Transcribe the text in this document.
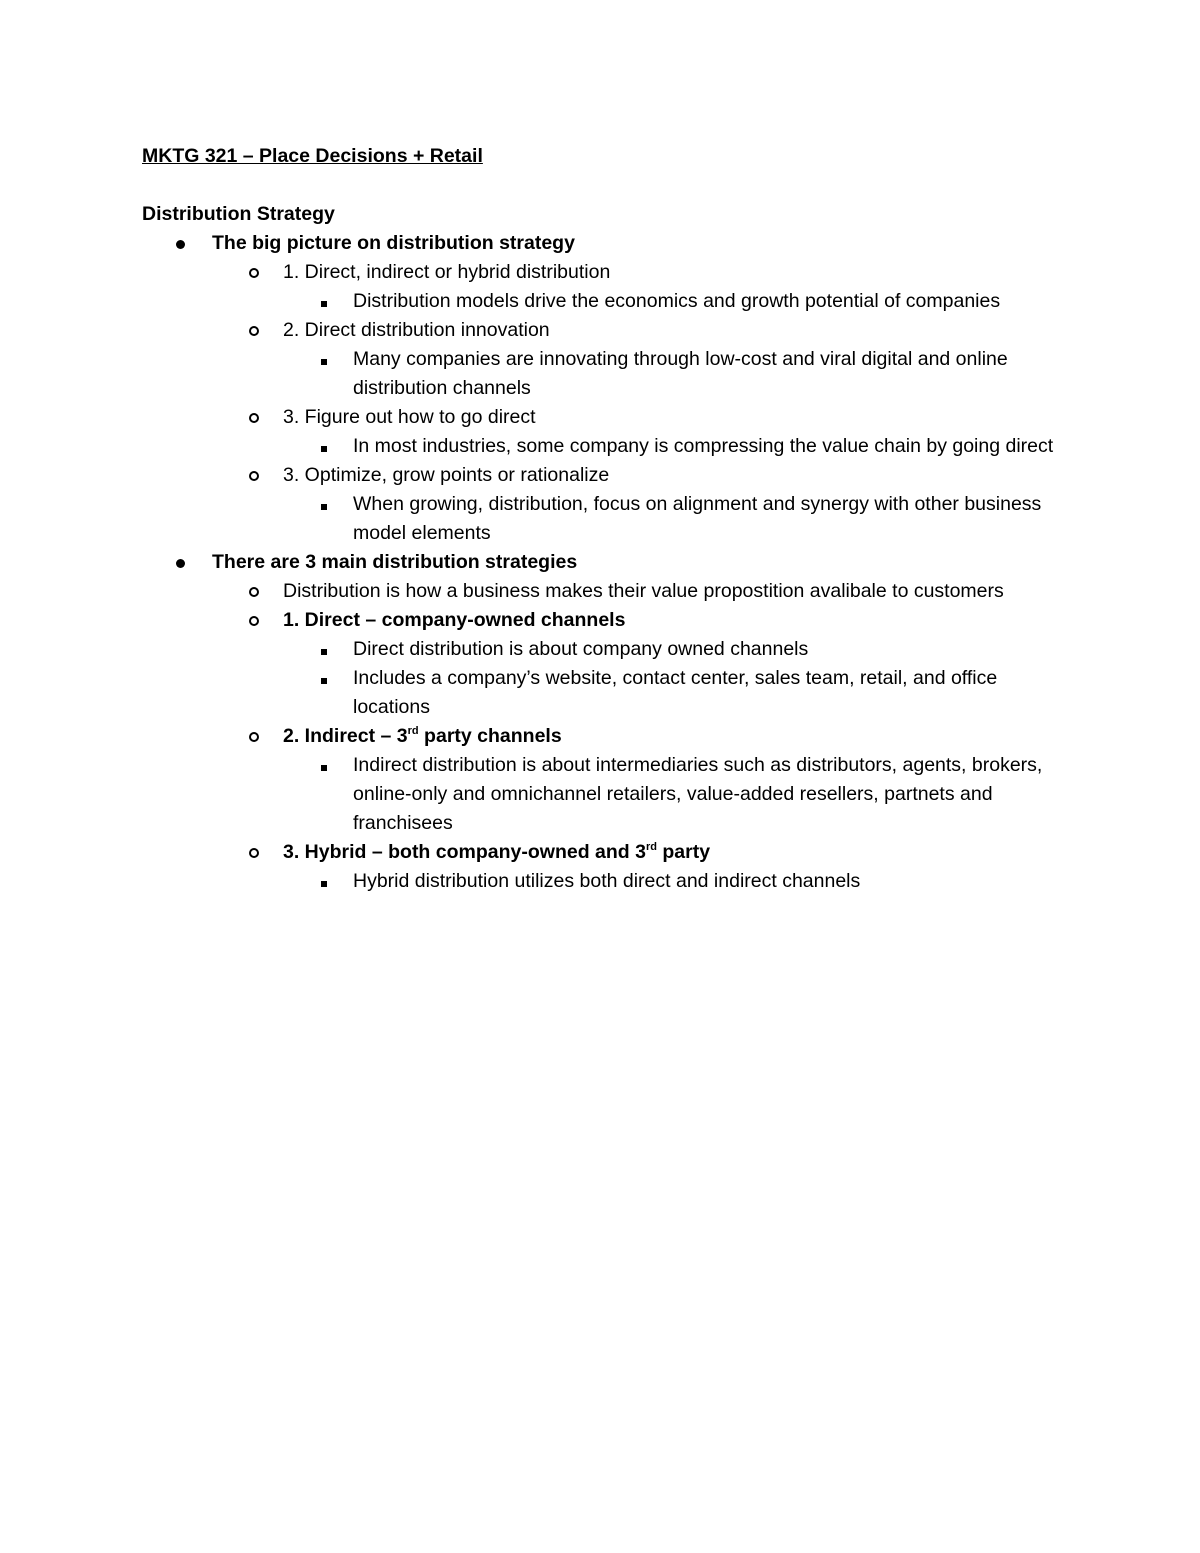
MKTG 321 – Place Decisions + Retail
Distribution Strategy
The big picture on distribution strategy
1. Direct, indirect or hybrid distribution
Distribution models drive the economics and growth potential of companies
2. Direct distribution innovation
Many companies are innovating through low-cost and viral digital and online distribution channels
3. Figure out how to go direct
In most industries, some company is compressing the value chain by going direct
3. Optimize, grow points or rationalize
When growing, distribution, focus on alignment and synergy with other business model elements
There are 3 main distribution strategies
Distribution is how a business makes their value propostition avalibale to customers
1. Direct – company-owned channels
Direct distribution is about company owned channels
Includes a company’s website, contact center, sales team, retail, and office locations
2. Indirect – 3rd party channels
Indirect distribution is about intermediaries such as distributors, agents, brokers, online-only and omnichannel retailers, value-added resellers, partnets and franchisees
3. Hybrid – both company-owned and 3rd party
Hybrid distribution utilizes both direct and indirect channels
